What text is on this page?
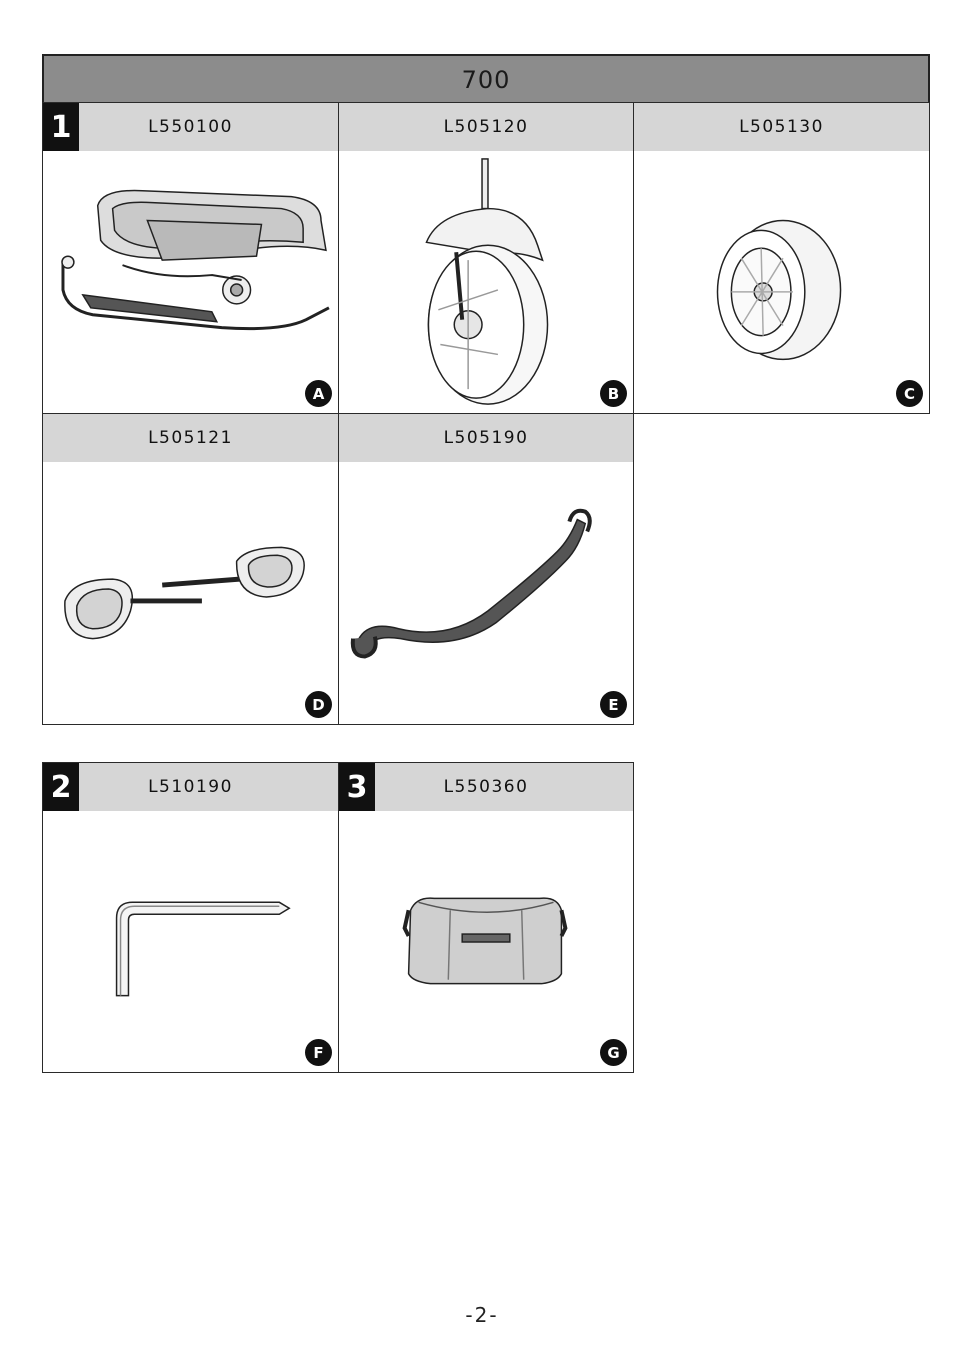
700
1	L550100
A
L505120
B
L505130
C
L505121
D
L505190
E
2	L510190
F
3	L550360
G
-2-
